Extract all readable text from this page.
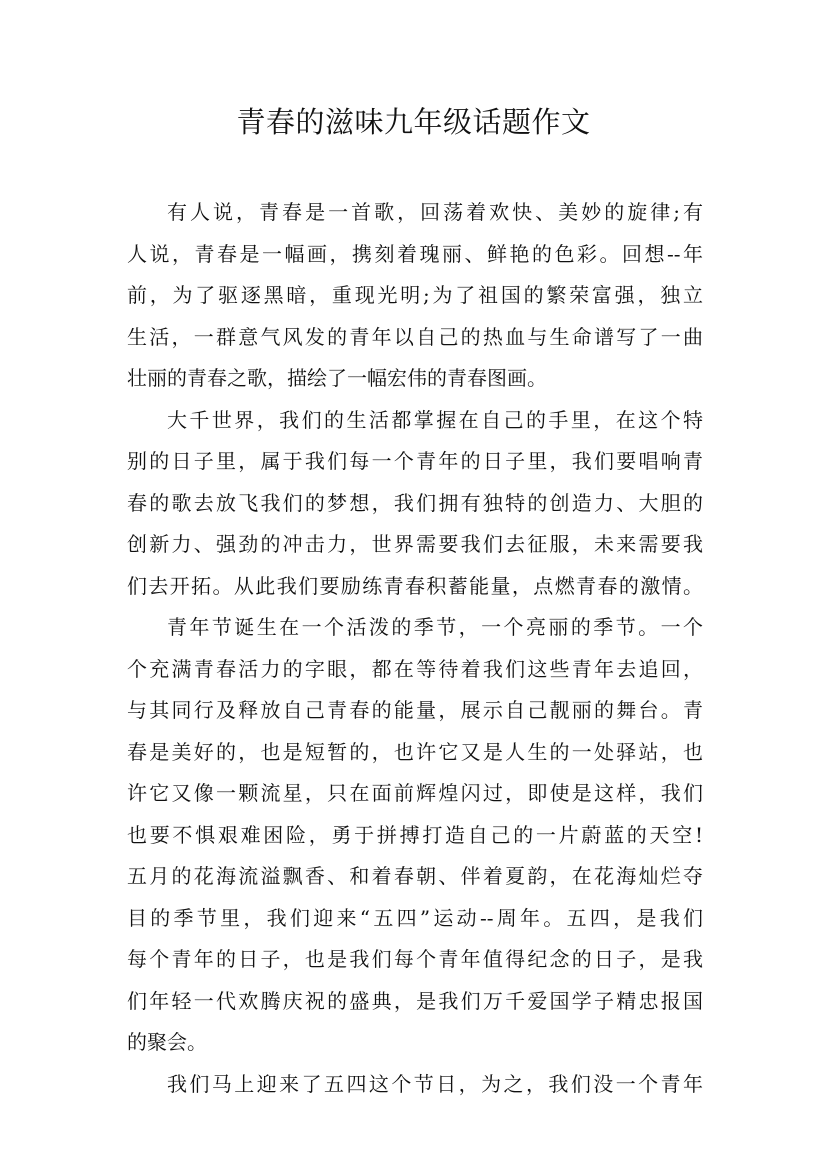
青春的滋味九年级话题作文
有人说，青春是一首歌，回荡着欢快、美妙的旋律;有
人说，青春是一幅画，携刻着瑰丽、鲜艳的色彩。回想--年
前，为了驱逐黑暗，重现光明;为了祖国的繁荣富强，独立
生活，一群意气风发的青年以自己的热血与生命谱写了一曲
壮丽的青春之歌，描绘了一幅宏伟的青春图画。
大千世界，我们的生活都掌握在自己的手里，在这个特
别的日子里，属于我们每一个青年的日子里，我们要唱响青
春的歌去放飞我们的梦想，我们拥有独特的创造力、大胆的
创新力、强劲的冲击力，世界需要我们去征服，未来需要我
们去开拓。从此我们要励练青春积蓄能量，点燃青春的激情。
青年节诞生在一个活泼的季节，一个亮丽的季节。一个
个充满青春活力的字眼，都在等待着我们这些青年去追回，
与其同行及释放自己青春的能量，展示自己靓丽的舞台。青
春是美好的，也是短暂的，也许它又是人生的一处驿站，也
许它又像一颗流星，只在面前辉煌闪过，即使是这样，我们
也要不惧艰难困险，勇于拼搏打造自己的一片蔚蓝的天空!
五月的花海流溢飘香、和着春朝、伴着夏韵，在花海灿烂夺
目的季节里，我们迎来“五四”运动--周年。五四，是我们
每个青年的日子，也是我们每个青年值得纪念的日子，是我
们年轻一代欢腾庆祝的盛典，是我们万千爱国学子精忠报国
的聚会。
我们马上迎来了五四这个节日，为之，我们没一个青年
